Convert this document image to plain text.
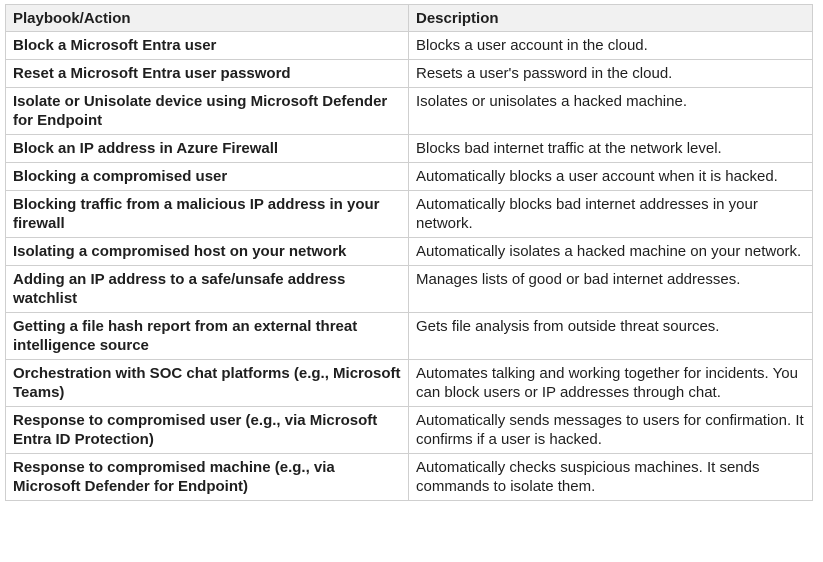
Playbook/Action	Description
Block a Microsoft Entra user	Blocks a user account in the cloud.
Reset a Microsoft Entra user password	Resets a user's password in the cloud.
Isolate or Unisolate device using Microsoft Defender for Endpoint	Isolates or unisolates a hacked machine.
Block an IP address in Azure Firewall	Blocks bad internet traffic at the network level.
Blocking a compromised user	Automatically blocks a user account when it is hacked.
Blocking traffic from a malicious IP address in your firewall	Automatically blocks bad internet addresses in your network.
Isolating a compromised host on your network	Automatically isolates a hacked machine on your network.
Adding an IP address to a safe/unsafe address watchlist	Manages lists of good or bad internet addresses.
Getting a file hash report from an external threat intelligence source	Gets file analysis from outside threat sources.
Orchestration with SOC chat platforms (e.g., Microsoft Teams)	Automates talking and working together for incidents. You can block users or IP addresses through chat.
Response to compromised user (e.g., via Microsoft Entra ID Protection)	Automatically sends messages to users for confirmation. It confirms if a user is hacked.
Response to compromised machine (e.g., via Microsoft Defender for Endpoint)	Automatically checks suspicious machines. It sends commands to isolate them.
